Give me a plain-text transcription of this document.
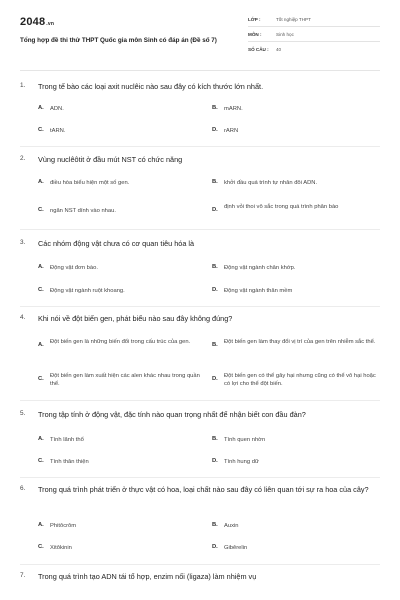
2048.vn
Tổng hợp đề thi thử THPT Quốc gia môn Sinh có đáp án (Đề số 7)
LỚP :	Tốt nghiệp THPT
MÔN :	Sinh học
SỐ CÂU : 40
1. Trong tế bào các loại axit nuclêic nào sau đây có kích thước lớn nhất.
A. ADN.	B. mARN.
C. tARN.	D. rARN
2. Vùng nuclêôtit ở đầu mút NST có chức năng
A. điều hòa biểu hiện một số gen.	B. khởi đầu quá trình tự nhân đôi ADN.
C. ngăn NST dính vào nhau.	D. định vỏi thoi vô sắc trong quá trình phân bào
3. Các nhóm động vật chưa có cơ quan tiêu hóa là
A. Động vật đơn bào.	B. Động vật ngành chân khớp.
C. Động vật ngành ruột khoang.	D. Động vật ngành thân mềm
4. Khi nói về đột biến gen, phát biểu nào sau đây không đúng?
A. Đột biến gen là những biến đổi trong cấu trúc của gen.	B. Đột biến gen làm thay đổi vị trí của gen trên nhiễm sắc thể.
C. Đột biến gen làm xuất hiện các alen khác nhau trong quần thể.
D. Đột biến gen có thể gây hại nhưng cũng có thể vô hại hoặc có lợi cho thể đột biến.
5. Trong tập tính ở động vật, đặc tính nào quan trọng nhất để nhận biết con đầu đàn?
A. Tính lãnh thổ	B. Tính quen nhờn
C. Tính thân thiện	D. Tính hung dữ
6. Trong quá trình phát triển ở thực vật có hoa, loại chất nào sau đây có liên quan tới sự ra hoa của cây?
A. Phitôcrôm	B. Auxin
C. Xitôkinin	D. Gibêrelin
7. Trong quá trình tạo ADN tái tổ hợp, enzim nối (ligaza) làm nhiệm vụ
